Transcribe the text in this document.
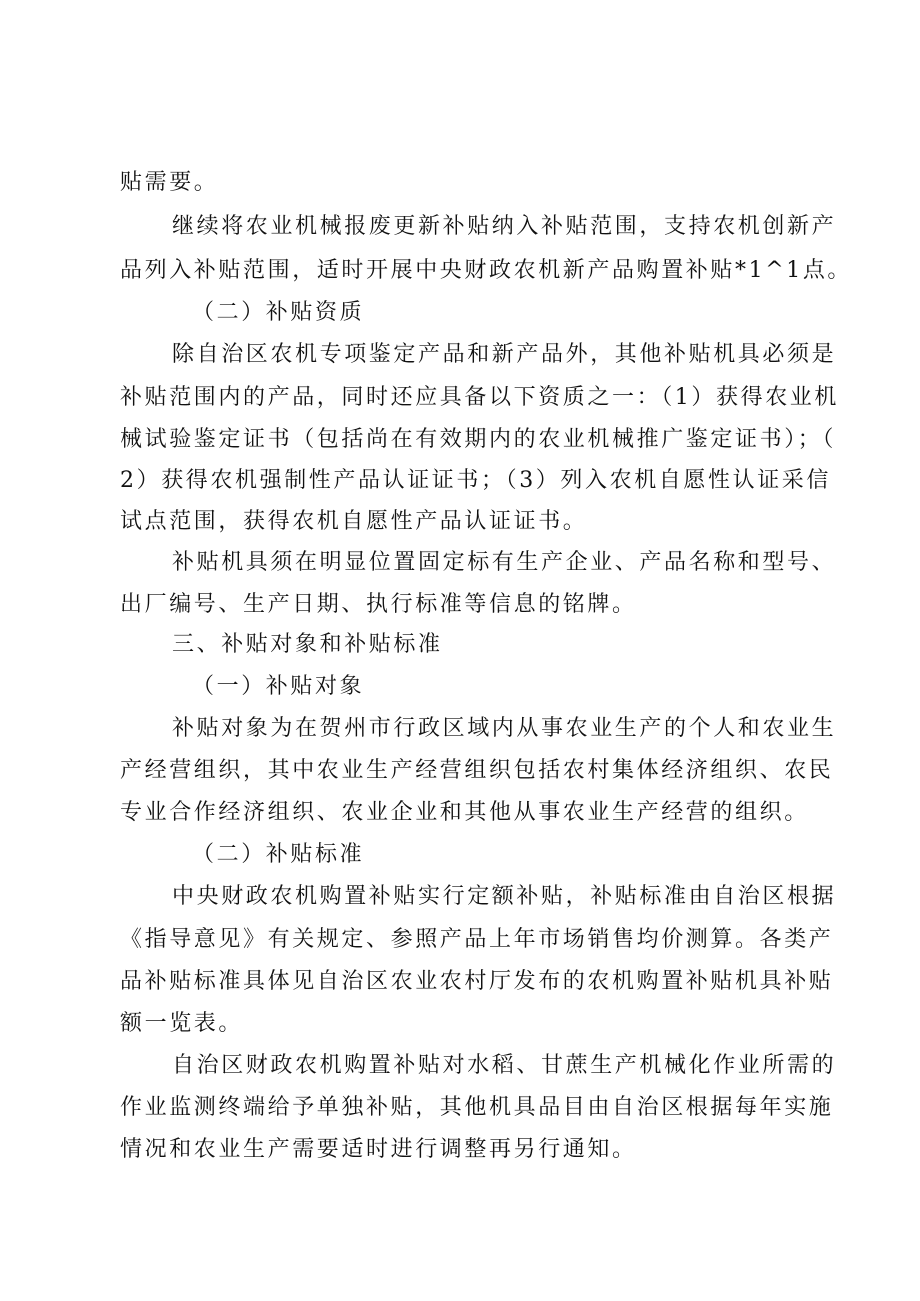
贴需要。
继续将农业机械报废更新补贴纳入补贴范围，支持农机创新产
品列入补贴范围，适时开展中央财政农机新产品购置补贴*1^1点。
（二）补贴资质
除自治区农机专项鉴定产品和新产品外，其他补贴机具必须是
补贴范围内的产品，同时还应具备以下资质之一：（1）获得农业机
械试验鉴定证书（包括尚在有效期内的农业机械推广鉴定证书）；（
2）获得农机强制性产品认证证书；（3）列入农机自愿性认证采信
试点范围，获得农机自愿性产品认证证书。
补贴机具须在明显位置固定标有生产企业、产品名称和型号、
出厂编号、生产日期、执行标准等信息的铭牌。
三、补贴对象和补贴标准
（一）补贴对象
补贴对象为在贺州市行政区域内从事农业生产的个人和农业生
产经营组织，其中农业生产经营组织包括农村集体经济组织、农民
专业合作经济组织、农业企业和其他从事农业生产经营的组织。
（二）补贴标准
中央财政农机购置补贴实行定额补贴，补贴标准由自治区根据
《指导意见》有关规定、参照产品上年市场销售均价测算。各类产
品补贴标准具体见自治区农业农村厅发布的农机购置补贴机具补贴
额一览表。
自治区财政农机购置补贴对水稻、甘蔗生产机械化作业所需的
作业监测终端给予单独补贴，其他机具品目由自治区根据每年实施
情况和农业生产需要适时进行调整再另行通知。
